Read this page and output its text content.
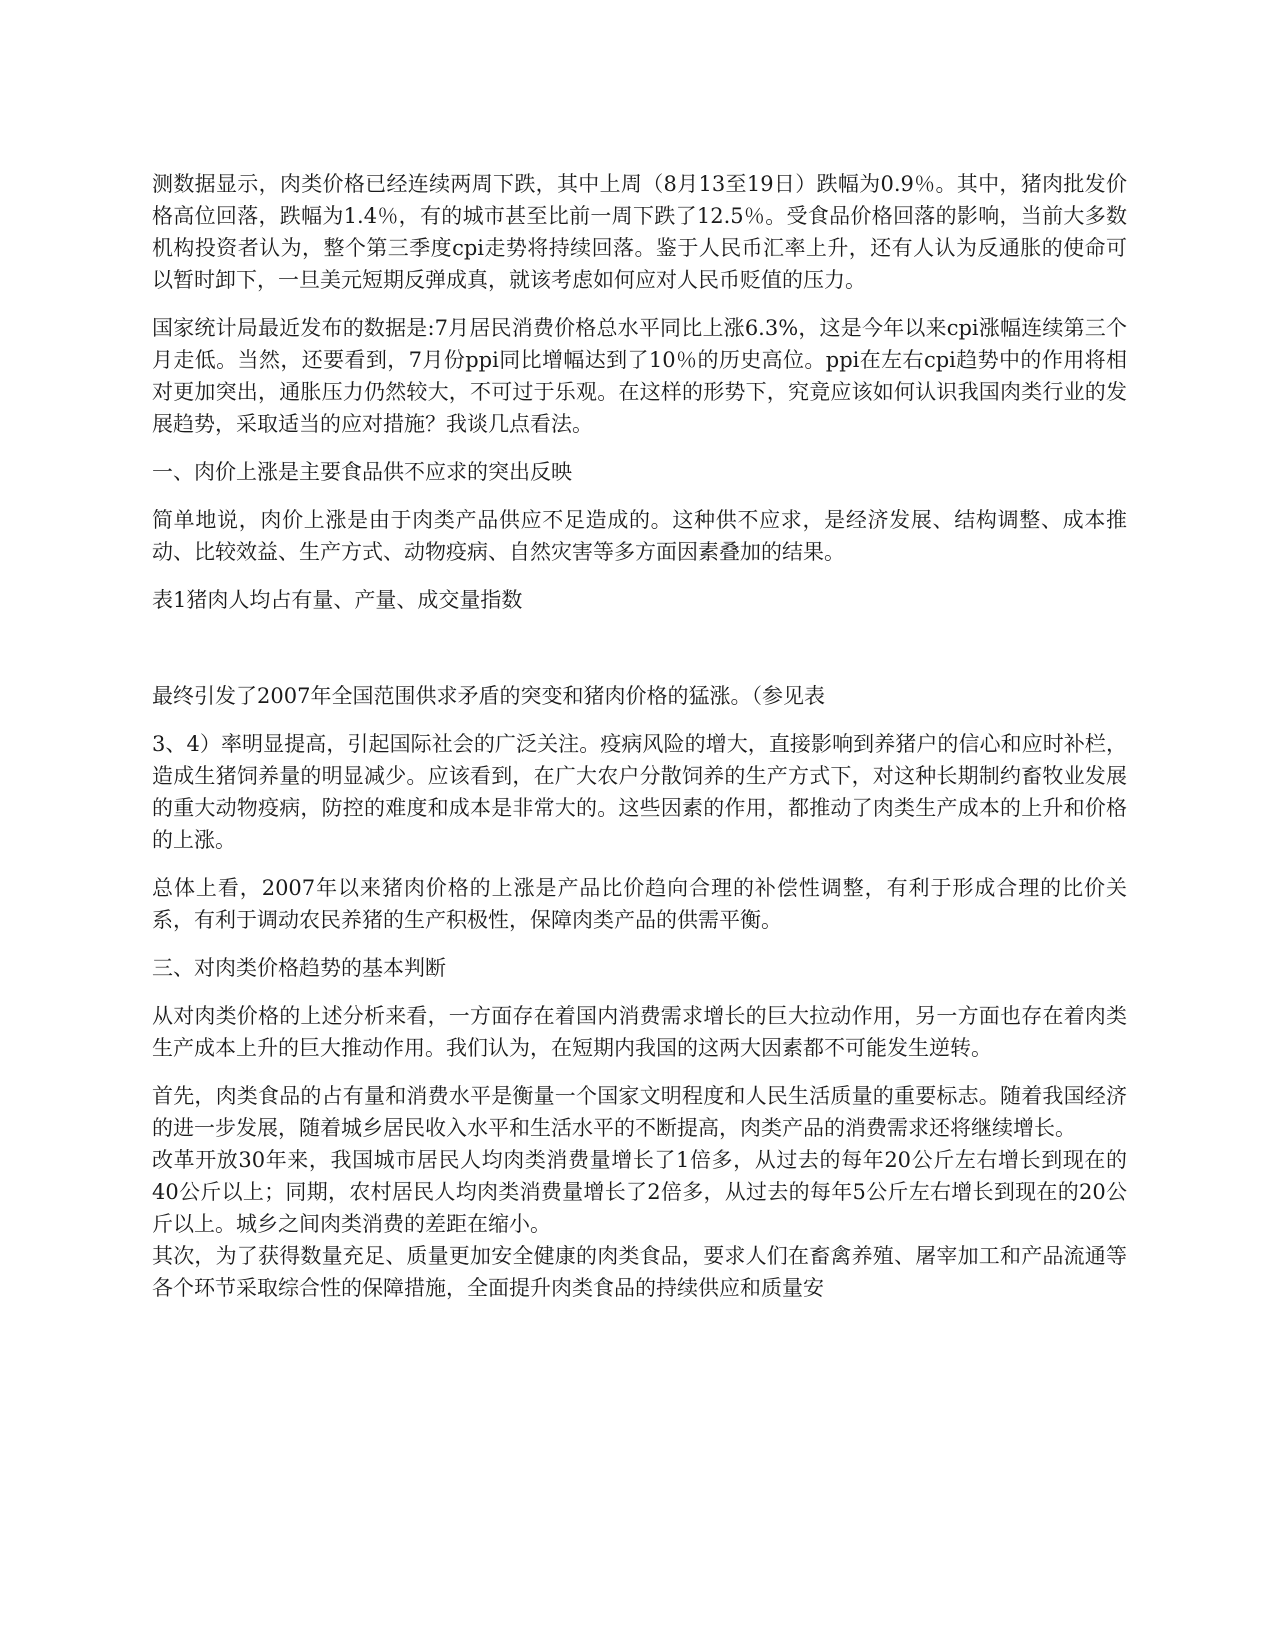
测数据显示，肉类价格已经连续两周下跌，其中上周（8月13至19日）跌幅为0.9％。其中，猪肉批发价格高位回落，跌幅为1.4％，有的城市甚至比前一周下跌了12.5％。受食品价格回落的影响，当前大多数机构投资者认为，整个第三季度cpi走势将持续回落。鉴于人民币汇率上升，还有人认为反通胀的使命可以暂时卸下，一旦美元短期反弹成真，就该考虑如何应对人民币贬值的压力。

国家统计局最近发布的数据是:7月居民消费价格总水平同比上涨6.3%，这是今年以来cpi涨幅连续第三个月走低。当然，还要看到，7月份ppi同比增幅达到了10％的历史高位。ppi在左右cpi趋势中的作用将相对更加突出，通胀压力仍然较大，不可过于乐观。在这样的形势下，究竟应该如何认识我国肉类行业的发展趋势，采取适当的应对措施？我谈几点看法。

一、肉价上涨是主要食品供不应求的突出反映

简单地说，肉价上涨是由于肉类产品供应不足造成的。这种供不应求，是经济发展、结构调整、成本推动、比较效益、生产方式、动物疫病、自然灾害等多方面因素叠加的结果。

表1猪肉人均占有量、产量、成交量指数

最终引发了2007年全国范围供求矛盾的突变和猪肉价格的猛涨。（参见表

3、4）率明显提高，引起国际社会的广泛关注。疫病风险的增大，直接影响到养猪户的信心和应时补栏，造成生猪饲养量的明显减少。应该看到，在广大农户分散饲养的生产方式下，对这种长期制约畜牧业发展的重大动物疫病，防控的难度和成本是非常大的。这些因素的作用，都推动了肉类生产成本的上升和价格的上涨。

总体上看，2007年以来猪肉价格的上涨是产品比价趋向合理的补偿性调整，有利于形成合理的比价关系，有利于调动农民养猪的生产积极性，保障肉类产品的供需平衡。

三、对肉类价格趋势的基本判断

从对肉类价格的上述分析来看，一方面存在着国内消费需求增长的巨大拉动作用，另一方面也存在着肉类生产成本上升的巨大推动作用。我们认为，在短期内我国的这两大因素都不可能发生逆转。

首先，肉类食品的占有量和消费水平是衡量一个国家文明程度和人民生活质量的重要标志。随着我国经济的进一步发展，随着城乡居民收入水平和生活水平的不断提高，肉类产品的消费需求还将继续增长。

改革开放30年来，我国城市居民人均肉类消费量增长了1倍多，从过去的每年20公斤左右增长到现在的40公斤以上；同期，农村居民人均肉类消费量增长了2倍多，从过去的每年5公斤左右增长到现在的20公斤以上。城乡之间肉类消费的差距在缩小。

其次，为了获得数量充足、质量更加安全健康的肉类食品，要求人们在畜禽养殖、屠宰加工和产品流通等各个环节采取综合性的保障措施，全面提升肉类食品的持续供应和质量安
